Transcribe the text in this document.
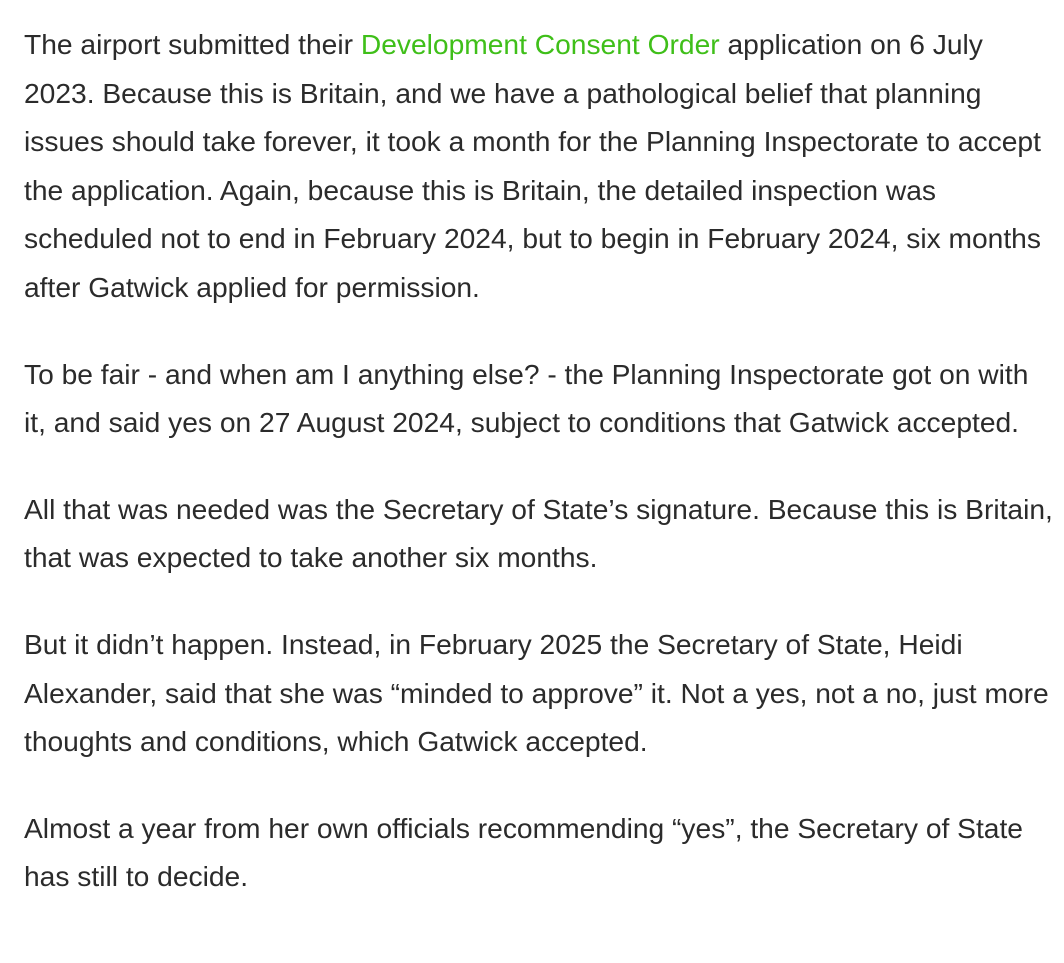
The airport submitted their Development Consent Order application on 6 July 2023. Because this is Britain, and we have a pathological belief that planning issues should take forever, it took a month for the Planning Inspectorate to accept the application. Again, because this is Britain, the detailed inspection was scheduled not to end in February 2024, but to begin in February 2024, six months after Gatwick applied for permission.

To be fair - and when am I anything else? - the Planning Inspectorate got on with it, and said yes on 27 August 2024, subject to conditions that Gatwick accepted.

All that was needed was the Secretary of State’s signature. Because this is Britain, that was expected to take another six months.

But it didn’t happen. Instead, in February 2025 the Secretary of State, Heidi Alexander, said that she was “minded to approve” it. Not a yes, not a no, just more thoughts and conditions, which Gatwick accepted.

Almost a year from her own officials recommending “yes”, the Secretary of State has still to decide.
